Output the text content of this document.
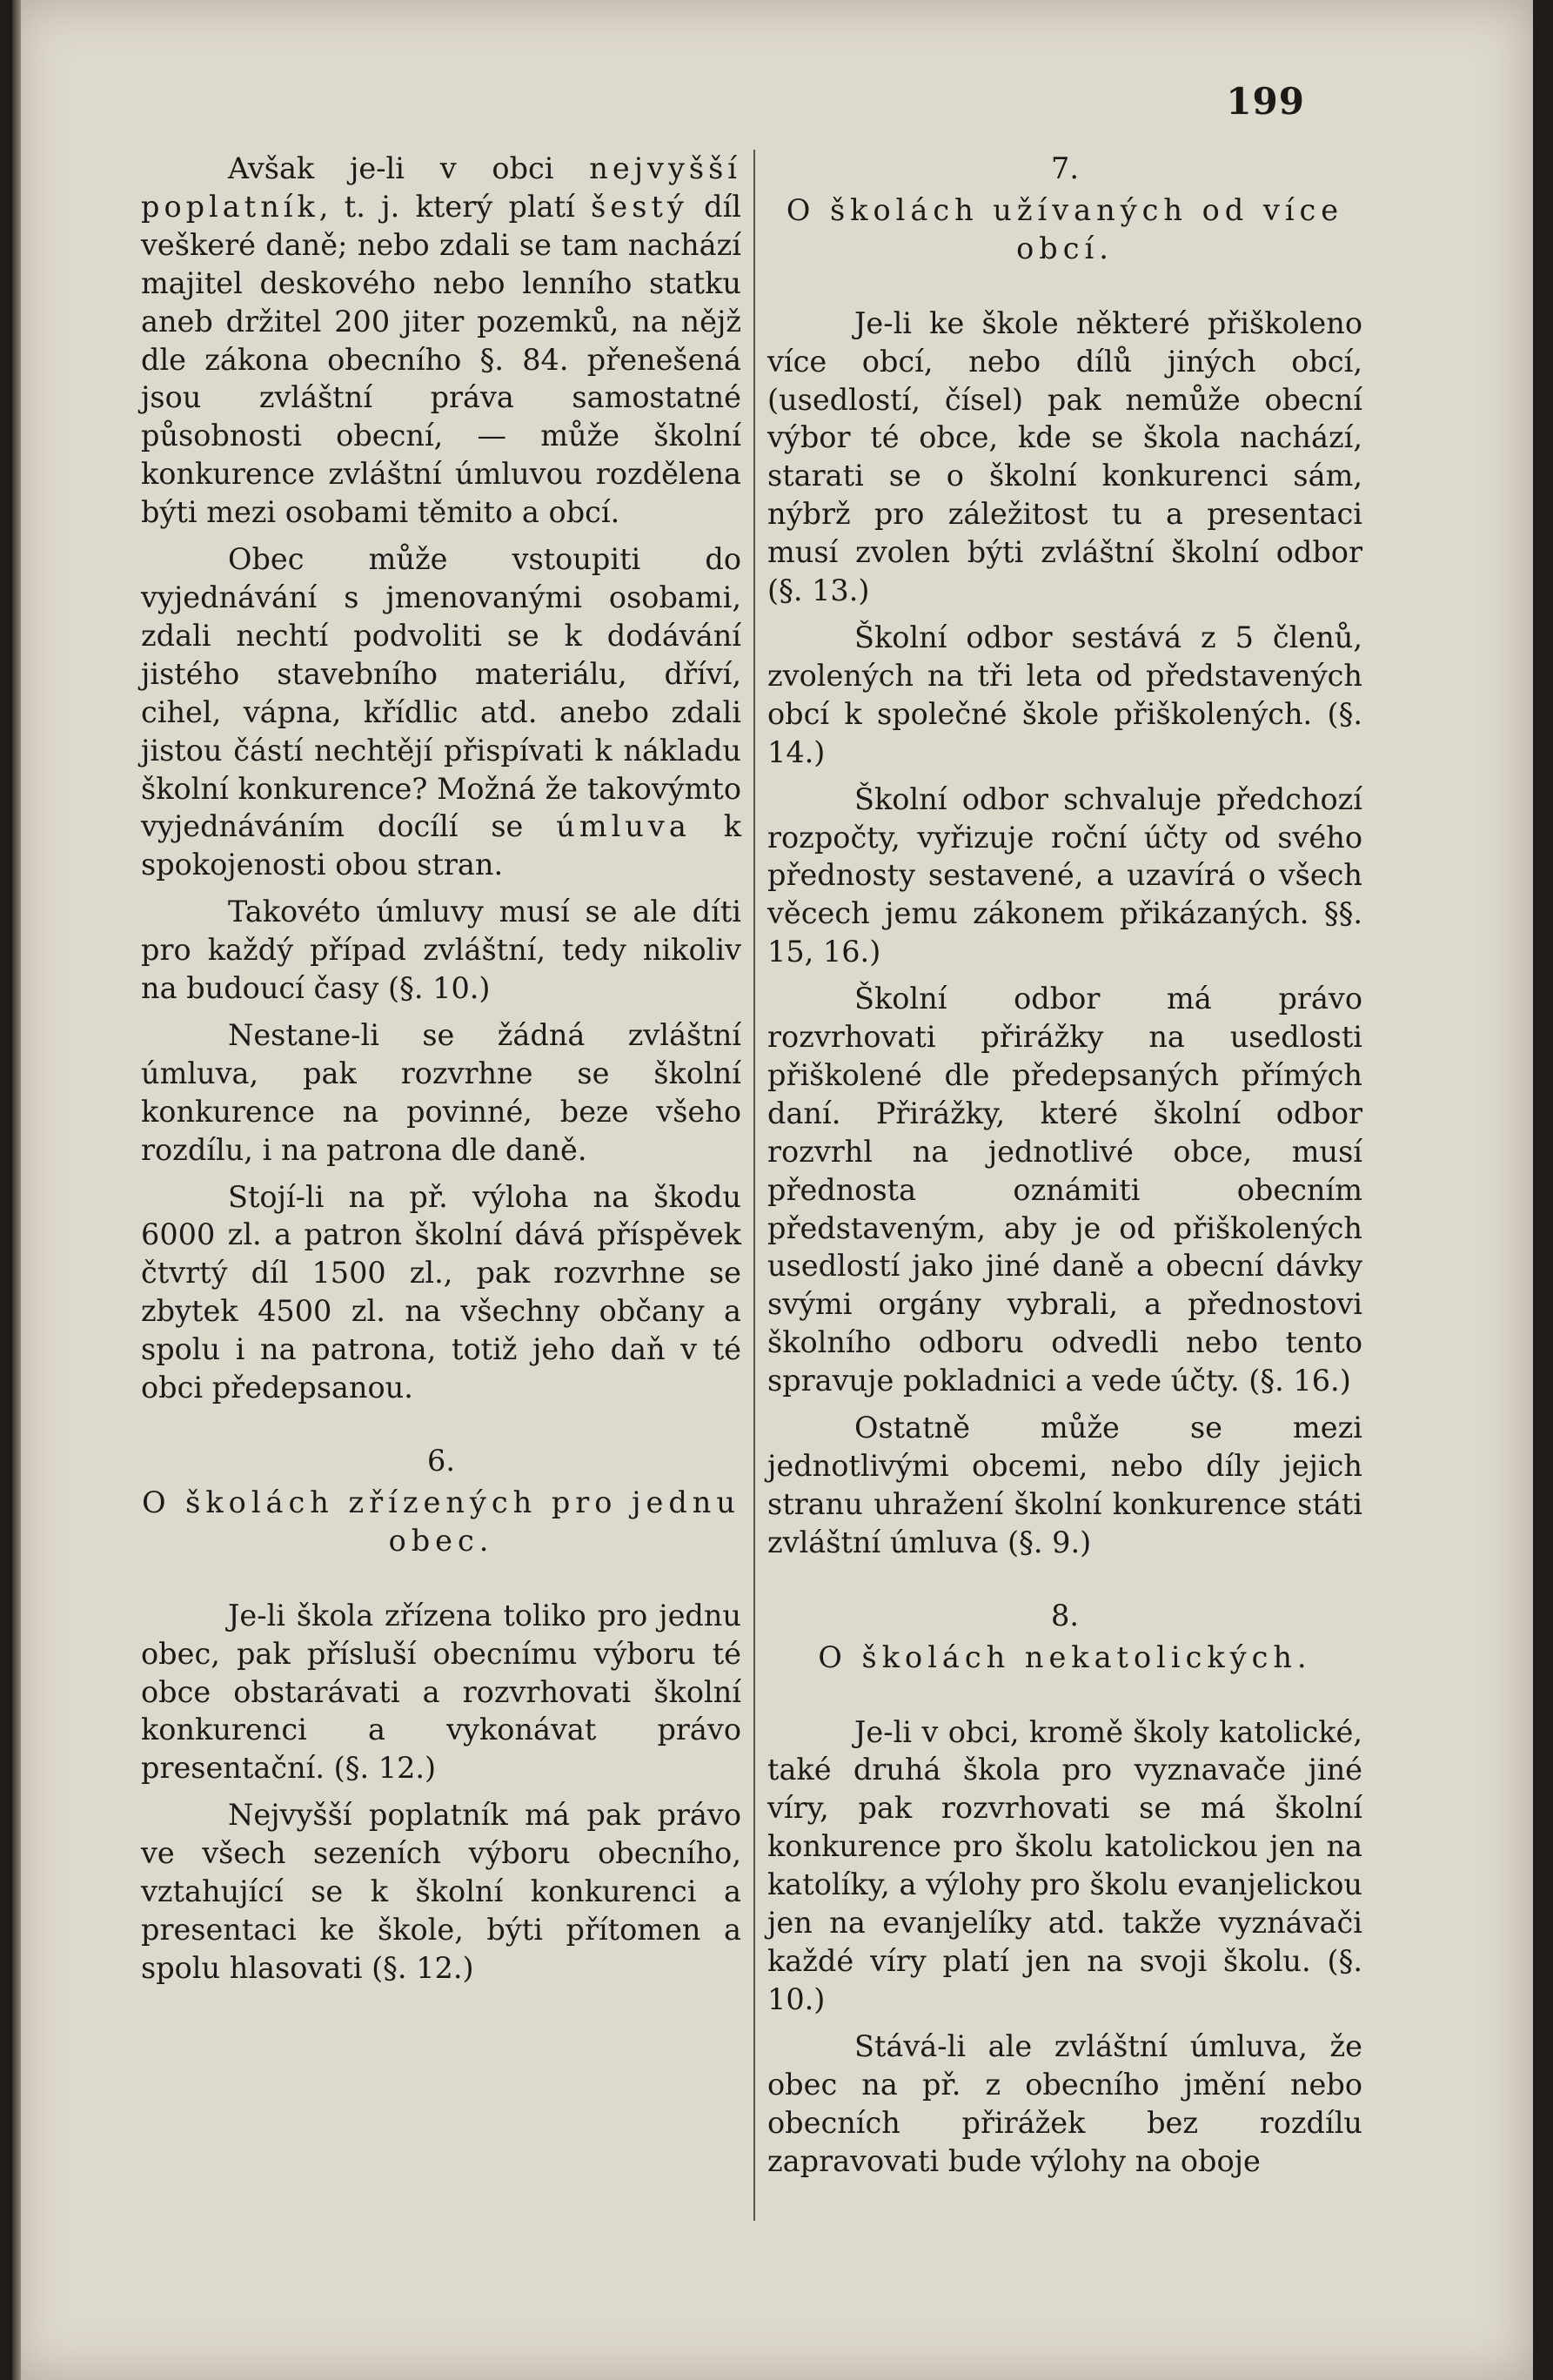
199

Avšak je-li v obci nejvyšší poplatník, t. j. který platí šestý díl veškeré daně; nebo zdali se tam nachází majitel deskového nebo lenního statku aneb držitel 200 jiter pozemků, na nějž dle zákona obecního §. 84. přenešená jsou zvláštní práva samostatné působnosti obecní, — může školní konkurence zvláštní úmluvou rozdělena býti mezi osobami těmito a obcí.

Obec může vstoupiti do vyjednávání s jmenovanými osobami, zdali nechtí podvoliti se k dodávání jistého stavebního materiálu, dříví, cihel, vápna, křídlic atd. anebo zdali jistou částí nechtějí přispívati k nákladu školní konkurence? Možná že takovýmto vyjednáváním docílí se úmluva k spokojenosti obou stran.

Takovéto úmluvy musí se ale díti pro každý případ zvláštní, tedy nikoliv na budoucí časy (§. 10.)

Nestane-li se žádná zvláštní úmluva, pak rozvrhne se školní konkurence na povinné, beze všeho rozdílu, i na patrona dle daně.

Stojí-li na př. výloha na škodu 6000 zl. a patron školní dává příspěvek čtvrtý díl 1500 zl., pak rozvrhne se zbytek 4500 zl. na všechny občany a spolu i na patrona, totiž jeho daň v té obci předepsanou.

6.
O školách zřízených pro jednu obec.

Je-li škola zřízena toliko pro jednu obec, pak přísluší obecnímu výboru té obce obstarávati a rozvrhovati školní konkurenci a vykonávat právo presentační. (§. 12.)

Nejvyšší poplatník má pak právo ve všech sezeních výboru obecního, vztahující se k školní konkurenci a presentaci ke škole, býti přítomen a spolu hlasovati (§. 12.)

7.
O školách užívaných od více obcí.

Je-li ke škole některé přiškoleno více obcí, nebo dílů jiných obcí, (usedlostí, čísel) pak nemůže obecní výbor té obce, kde se škola nachází, starati se o školní konkurenci sám, nýbrž pro záležitost tu a presentaci musí zvolen býti zvláštní školní odbor (§. 13.)

Školní odbor sestává z 5 členů, zvolených na tři leta od představených obcí k společné škole přiškolených. (§. 14.)

Školní odbor schvaluje předchozí rozpočty, vyřizuje roční účty od svého přednosty sestavené, a uzavírá o všech věcech jemu zákonem přikázaných. §§. 15, 16.)

Školní odbor má právo rozvrhovati přirážky na usedlosti přiškolené dle předepsaných přímých daní. Přirážky, které školní odbor rozvrhl na jednotlivé obce, musí přednosta oznámiti obecním představeným, aby je od přiškolených usedlostí jako jiné daně a obecní dávky svými orgány vybrali, a přednostovi školního odboru odvedli nebo tento spravuje pokladnici a vede účty. (§. 16.)

Ostatně může se mezi jednotlivými obcemi, nebo díly jejich stranu uhražení školní konkurence státi zvláštní úmluva (§. 9.)

8.
O školách nekatolických.

Je-li v obci, kromě školy katolické, také druhá škola pro vyznavače jiné víry, pak rozvrhovati se má školní konkurence pro školu katolickou jen na katolíky, a výlohy pro školu evanjelickou jen na evanjelíky atd. takže vyznávači každé víry platí jen na svoji školu. (§. 10.)

Stává-li ale zvláštní úmluva, že obec na př. z obecního jmění nebo obecních přirážek bez rozdílu zapravovati bude výlohy na oboje
